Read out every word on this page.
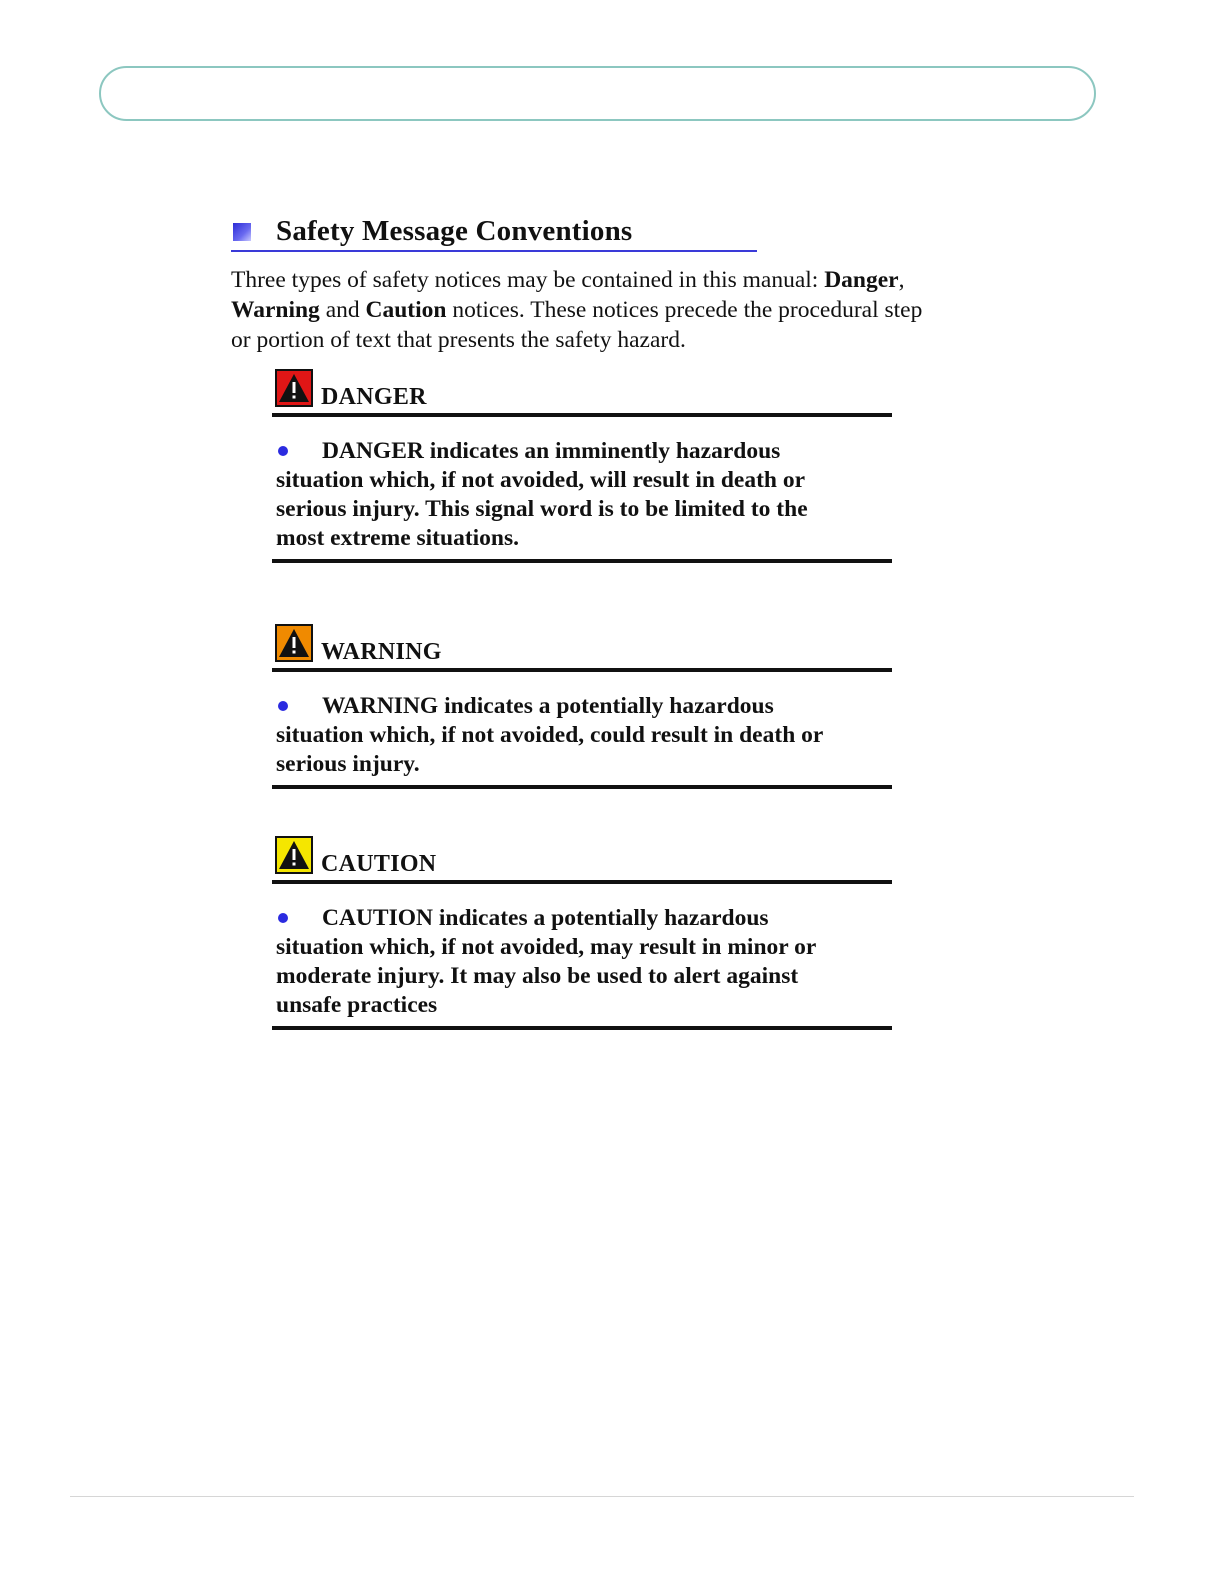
Safety Message Conventions
Three types of safety notices may be contained in this manual: Danger,
Warning and Caution notices. These notices precede the procedural step
or portion of text that presents the safety hazard.
DANGER
DANGER indicates an imminently hazardous
situation which, if not avoided, will result in death or
serious injury. This signal word is to be limited to the
most extreme situations.
WARNING
WARNING indicates a potentially hazardous
situation which, if not avoided, could result in death or
serious injury.
CAUTION
CAUTION indicates a potentially hazardous
situation which, if not avoided, may result in minor or
moderate injury. It may also be used to alert against
unsafe practices
